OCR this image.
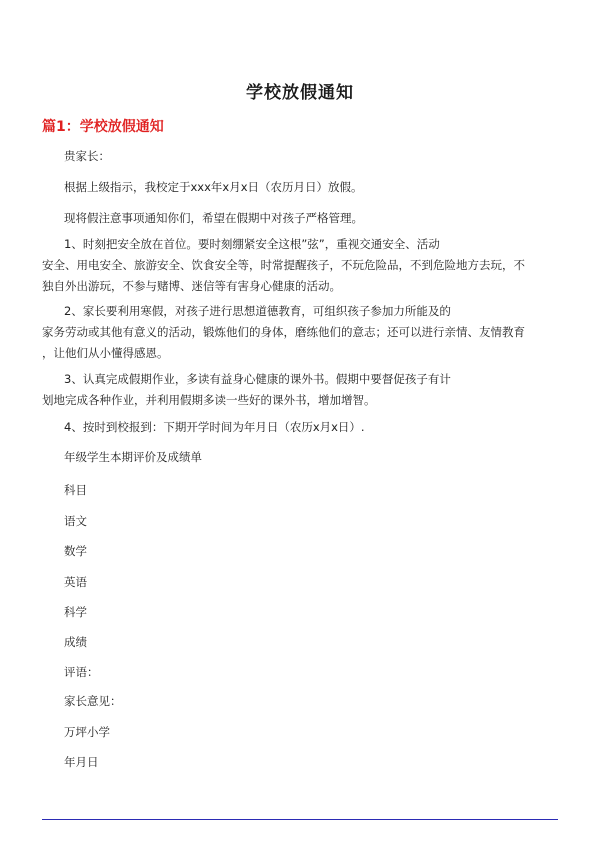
学校放假通知
篇1：学校放假通知
贵家长：
根据上级指示，我校定于xxx年x月x日（农历月日）放假。
现将假注意事项通知你们，希望在假期中对孩子严格管理。
1、时刻把安全放在首位。要时刻绷紧安全这根”弦”，重视交通安全、活动
安全、用电安全、旅游安全、饮食安全等，时常提醒孩子，不玩危险品，不到危险地方去玩，不
独自外出游玩，不参与赌博、迷信等有害身心健康的活动。
2、家长要利用寒假，对孩子进行思想道德教育，可组织孩子参加力所能及的
家务劳动或其他有意义的活动，锻炼他们的身体，磨练他们的意志；还可以进行亲情、友情教育
，让他们从小懂得感恩。
3、认真完成假期作业，多读有益身心健康的课外书。假期中要督促孩子有计
划地完成各种作业，并利用假期多读一些好的课外书，增加增智。
4、按时到校报到：下期开学时间为年月日（农历x月x日）.
年级学生本期评价及成绩单
科目
语文
数学
英语
科学
成绩
评语：
家长意见：
万坪小学
年月日
